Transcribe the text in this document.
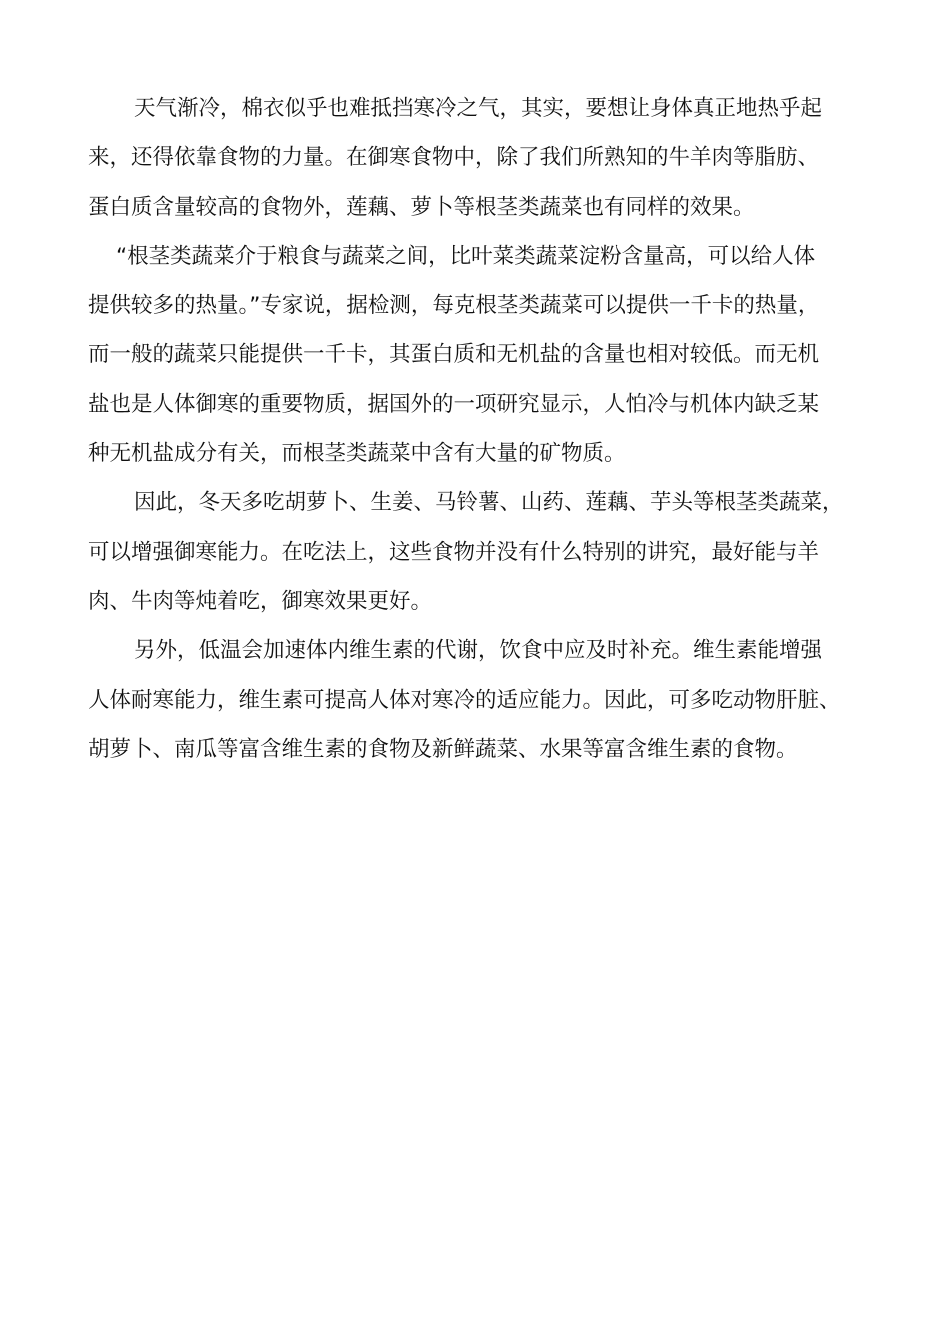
天气渐冷，棉衣似乎也难抵挡寒冷之气，其实，要想让身体真正地热乎起
来，还得依靠食物的力量。在御寒食物中，除了我们所熟知的牛羊肉等脂肪、
蛋白质含量较高的食物外，莲藕、萝卜等根茎类蔬菜也有同样的效果。
“根茎类蔬菜介于粮食与蔬菜之间，比叶菜类蔬菜淀粉含量高，可以给人体
提供较多的热量。”专家说，据检测，每克根茎类蔬菜可以提供一千卡的热量，
而一般的蔬菜只能提供一千卡，其蛋白质和无机盐的含量也相对较低。而无机
盐也是人体御寒的重要物质，据国外的一项研究显示，人怕冷与机体内缺乏某
种无机盐成分有关，而根茎类蔬菜中含有大量的矿物质。
因此，冬天多吃胡萝卜、生姜、马铃薯、山药、莲藕、芋头等根茎类蔬菜，
可以增强御寒能力。在吃法上，这些食物并没有什么特别的讲究，最好能与羊
肉、牛肉等炖着吃，御寒效果更好。
另外，低温会加速体内维生素的代谢，饮食中应及时补充。维生素能增强
人体耐寒能力，维生素可提高人体对寒冷的适应能力。因此，可多吃动物肝脏、
胡萝卜、南瓜等富含维生素的食物及新鲜蔬菜、水果等富含维生素的食物。
